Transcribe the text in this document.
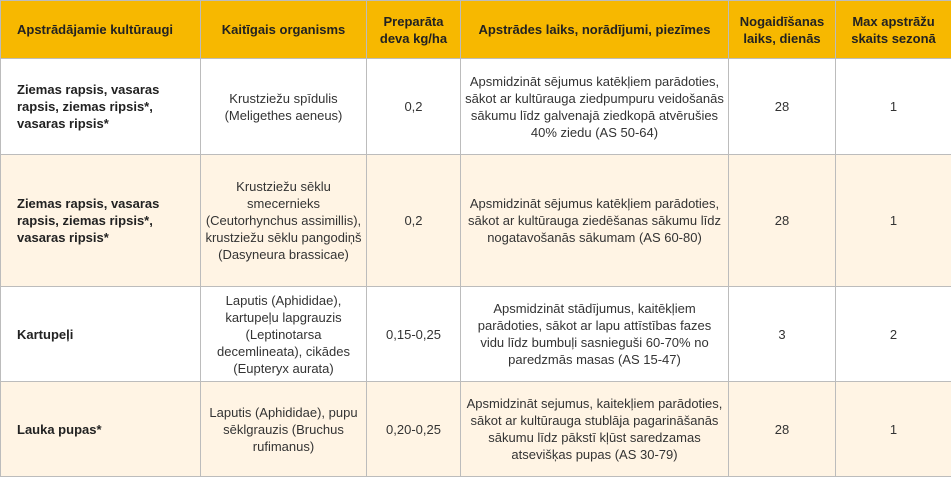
Apstrādājamie kultūraugi	Kaitīgais organisms	Preparāta deva kg/ha	Apstrādes laiks, norādījumi, piezīmes	Nogaidīšanas laiks, dienās	Max apstrāžu skaits sezonā
Ziemas rapsis, vasaras rapsis, ziemas ripsis*, vasaras ripsis*	Krustziežu spīdulis (Meligethes aeneus)	0,2	Apsmidzināt sējumus katēkļiem parādoties, sākot ar kultūrauga ziedpumpuru veidošanās sākumu līdz galvenajā ziedkopā atvērušies 40% ziedu (AS 50-64)	28	1
Ziemas rapsis, vasaras rapsis, ziemas ripsis*, vasaras ripsis*	Krustziežu sēklu smecernieks (Ceutorhynchus assimillis), krustziežu sēklu pangodiņš (Dasyneura brassicae)	0,2	Apsmidzināt sējumus katēkļiem parādoties, sākot ar kultūrauga ziedēšanas sākumu līdz nogatavošanās sākumam (AS 60-80)	28	1
Kartupeļi	Laputis (Aphididae), kartupeļu lapgrauzis (Leptinotarsa decemlineata), cikādes (Eupteryx aurata)	0,15-0,25	Apsmidzināt stādījumus, kaitēkļiem parādoties, sākot ar lapu attīstības fazes vidu līdz bumbuļi sasnieguši 60-70% no paredzmās masas (AS 15-47)	3	2
Lauka pupas*	Laputis (Aphididae), pupu sēklgrauzis (Bruchus rufimanus)	0,20-0,25	Apsmidzināt sejumus, kaitekļiem parādoties, sākot ar kultūrauga stublāja pagarināšanās sākumu līdz pākstī kļūst saredzamas atsevišķas pupas (AS 30-79)	28	1
